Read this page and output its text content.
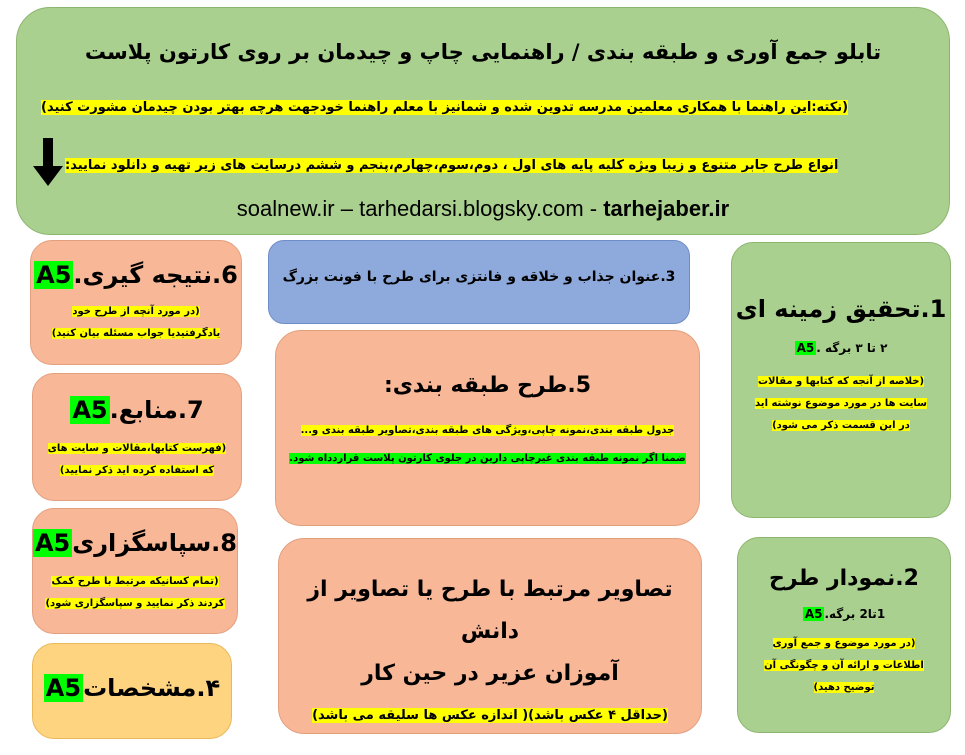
تابلو جمع آوری و طبقه بندی / راهنمایی چاپ و چیدمان بر روی کارتون پلاست
(نکته:این راهنما با همکاری معلمین مدرسه تدوین شده و شمانیز با معلم راهنما خودجهت هرچه بهتر بودن چیدمان مشورت کنید)
انواع طرح جابر متنوع و زیبا ویژه کلیه پایه های اول ، دوم،سوم،چهارم،پنجم و ششم درسایت های زیر تهیه و دانلود نمایید:
soalnew.ir – tarhedarsi.blogsky.com - tarhejaber.ir
6.نتیجه گیری.A5
(در مورد آنچه از طرح خود
یادگرفتیدیا جواب مسئله بیان کنید)
7.منابع.A5
(فهرست کتابها،مقالات و سایت های
که استفاده کرده اید ذکر نمایید)
8.سپاسگزاریA5
(تمام کسانیکه مرتبط با طرح کمک
کردند ذکر نمایید و سپاسگزاری شود)
۴.مشخصاتA5
3.عنوان جذاب و خلاقه و فانتزی برای طرح با فونت بزرگ
5.طرح طبقه بندی:
جدول طبقه بندی،نمونه چاپی،ویژگی های طبقه بندی،تصاویر طبقه بندی و...
ضمنا اگر نمونه طبقه بندی غیرچاپی دارین در جلوی کارتون پلاست قراردداه شود.
تصاویر مرتبط با طرح یا تصاویر از دانش
آموزان عزیر در حین کار
(حداقل ۴ عکس باشد)( اندازه عکس ها سلیقه می باشد)
1.تحقیق زمینه ای
۲ تا ۳ برگه .A5
(خلاصه از آنجه که کتابها و مقالات
سایت ها در مورد موضوع نوشته اید
در این قسمت ذکر می شود)
2.نمودار طرح
1تا2 برگه.A5
(در مورد موضوع و جمع آوری
اطلاعات و ارائه آن و چگونگی آن
توضیح دهید)
